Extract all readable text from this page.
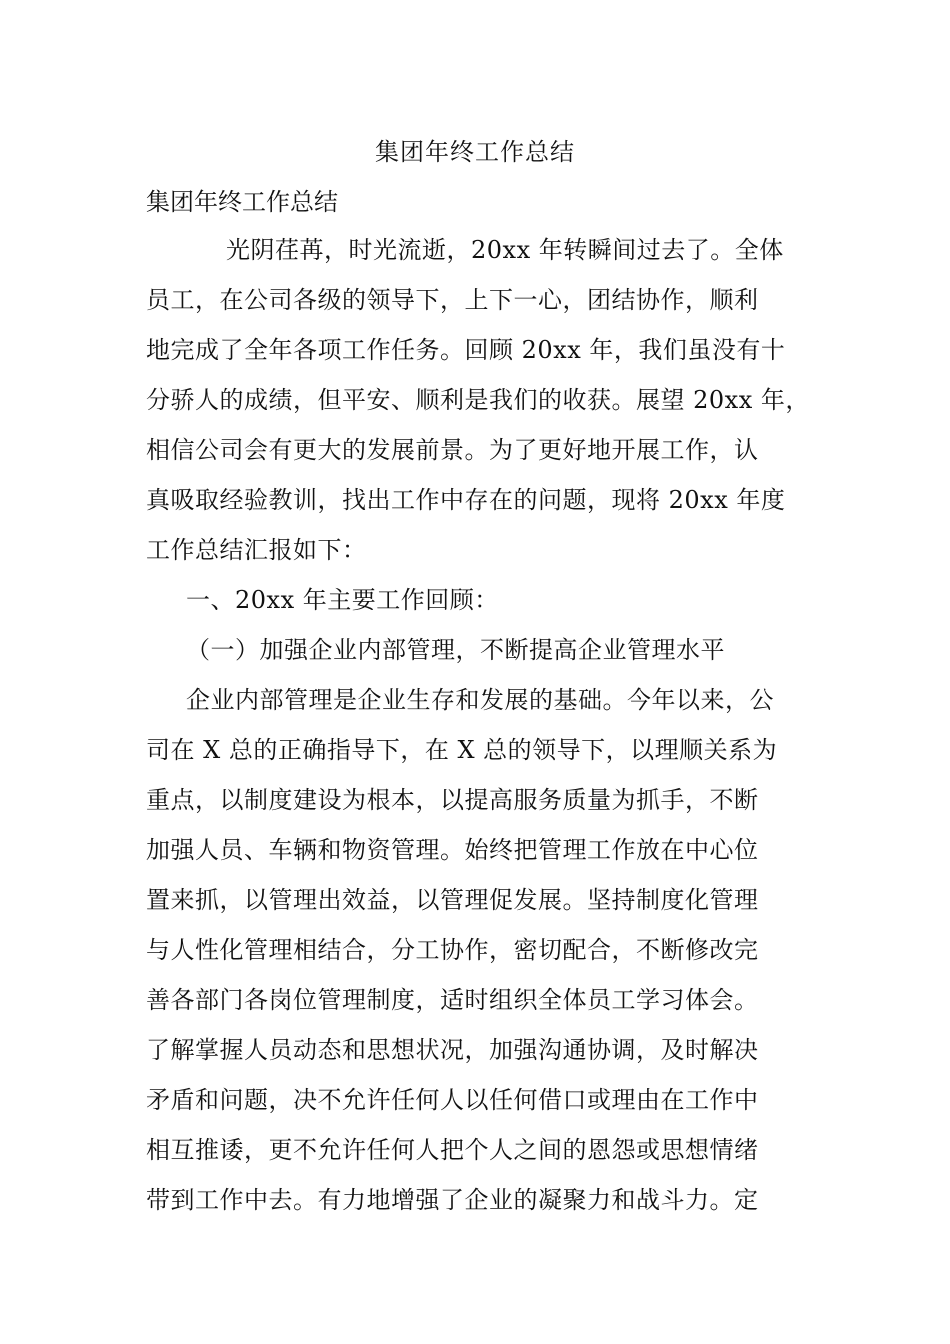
集团年终工作总结
集团年终工作总结
光阴荏苒，时光流逝，20xx 年转瞬间过去了。全体
员工，在公司各级的领导下，上下一心，团结协作，顺利
地完成了全年各项工作任务。回顾 20xx 年，我们虽没有十
分骄人的成绩，但平安、顺利是我们的收获。展望 20xx 年，
相信公司会有更大的发展前景。为了更好地开展工作，认
真吸取经验教训，找出工作中存在的问题，现将 20xx 年度
工作总结汇报如下：
一、20xx 年主要工作回顾：
（一）加强企业内部管理，不断提高企业管理水平
企业内部管理是企业生存和发展的基础。今年以来，公
司在 X 总的正确指导下，在 X 总的领导下，以理顺关系为
重点，以制度建设为根本，以提高服务质量为抓手，不断
加强人员、车辆和物资管理。始终把管理工作放在中心位
置来抓，以管理出效益，以管理促发展。坚持制度化管理
与人性化管理相结合，分工协作，密切配合，不断修改完
善各部门各岗位管理制度，适时组织全体员工学习体会。
了解掌握人员动态和思想状况，加强沟通协调，及时解决
矛盾和问题，决不允许任何人以任何借口或理由在工作中
相互推诿，更不允许任何人把个人之间的恩怨或思想情绪
带到工作中去。有力地增强了企业的凝聚力和战斗力。定
